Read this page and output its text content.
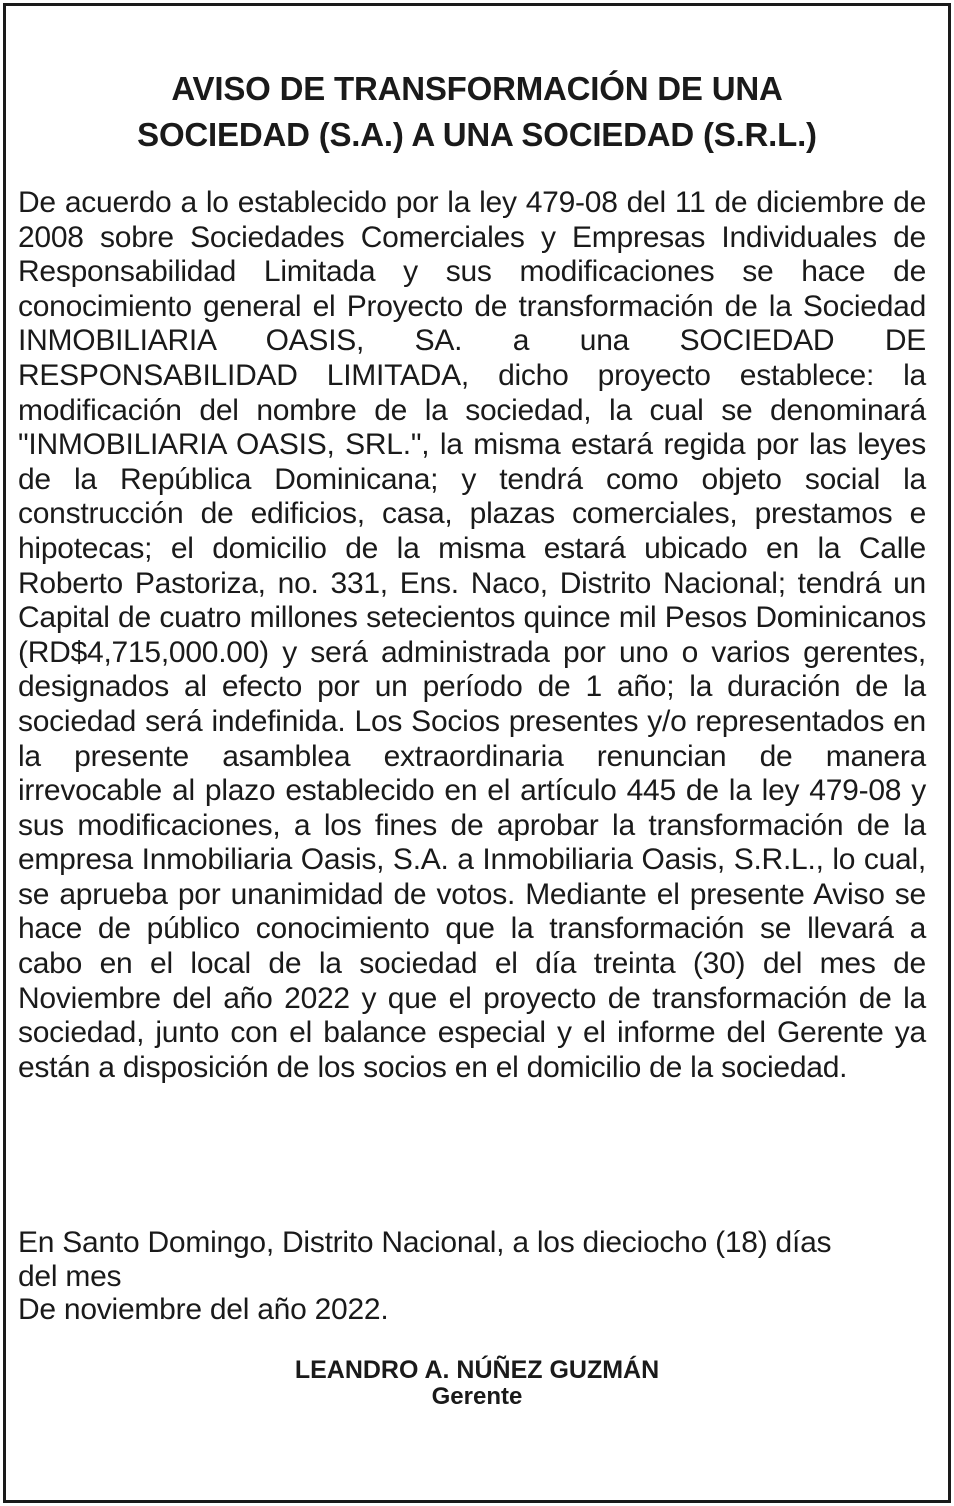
AVISO DE TRANSFORMACIÓN DE UNA
SOCIEDAD (S.A.) A UNA SOCIEDAD (S.R.L.)
De acuerdo a lo establecido por la ley 479-08 del 11 de diciembre de 2008 sobre Sociedades Comerciales y Empresas Individuales de Responsabilidad Limitada y sus modificaciones se hace de conocimiento general el Proyecto de transformación de la Sociedad INMOBILIARIA OASIS, SA. a una SOCIEDAD DE RESPONSABILIDAD LIMITADA, dicho proyecto establece: la modificación del nombre de la sociedad, la cual se denominará "INMOBILIARIA OASIS, SRL.", la misma estará regida por las leyes de la República Dominicana; y tendrá como objeto social la construcción de edificios, casa, plazas comerciales, prestamos e hipotecas; el domicilio de la misma estará ubicado en la Calle Roberto Pastoriza, no. 331, Ens. Naco, Distrito Nacional; tendrá un Capital de cuatro millones setecientos quince mil Pesos Dominicanos (RD$4,715,000.00) y será administrada por uno o varios gerentes, designados al efecto por un período de 1 año; la duración de la sociedad será indefinida. Los Socios presentes y/o representados en la presente asamblea extraordinaria renuncian de manera irrevocable al plazo establecido en el artículo 445 de la ley 479-08 y sus modificaciones, a los fines de aprobar la transformación de la empresa Inmobiliaria Oasis, S.A. a Inmobiliaria Oasis, S.R.L., lo cual, se aprueba por unanimidad de votos. Mediante el presente Aviso se hace de público conocimiento que la transformación se llevará a cabo en el local de la sociedad el día treinta (30) del mes de Noviembre del año 2022 y que el proyecto de transformación de la sociedad, junto con el balance especial y el informe del Gerente ya están a disposición de los socios en el domicilio de la sociedad.
En Santo Domingo, Distrito Nacional, a los dieciocho (18) días
del mes
De noviembre del año 2022.
LEANDRO A. NÚÑEZ GUZMÁN
Gerente
